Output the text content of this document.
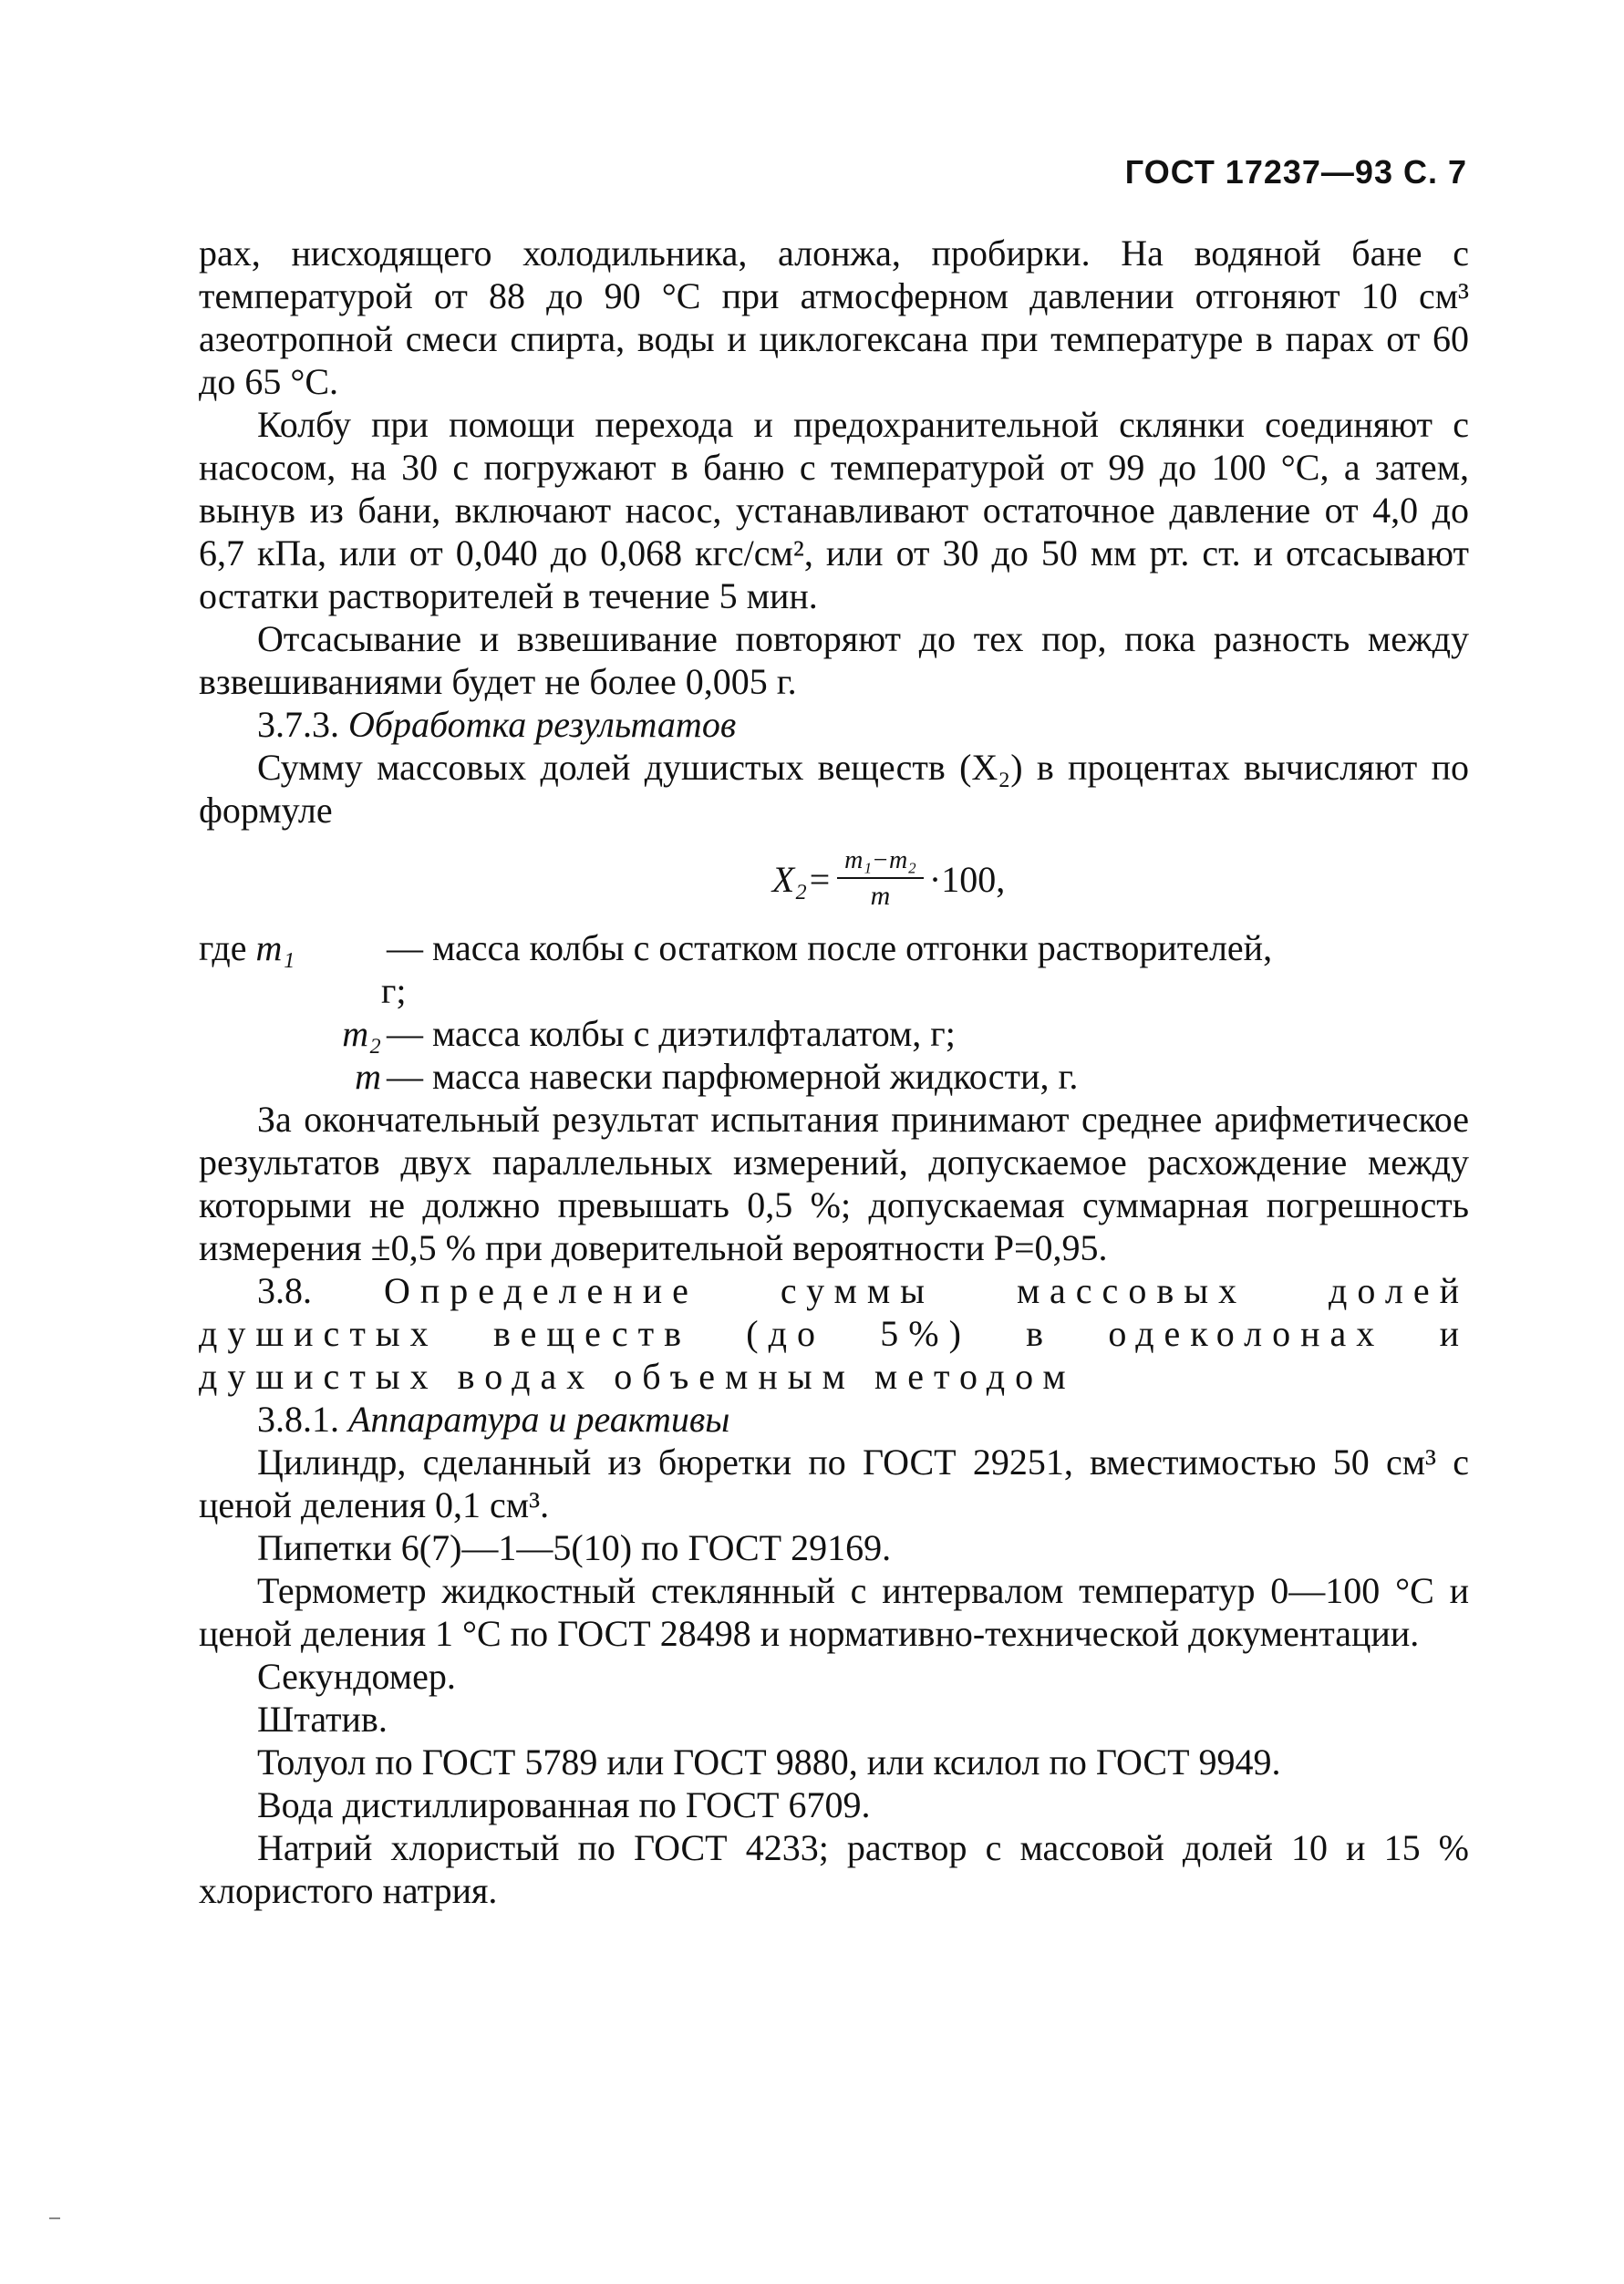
ГОСТ 17237—93 С. 7

рах, нисходящего холодильника, алонжа, пробирки. На водяной бане с температурой от 88 до 90 °С при атмосферном давлении отгоняют 10 см³ азеотропной смеси спирта, воды и циклогексана при температуре в парах от 60 до 65 °С.

Колбу при помощи перехода и предохранительной склянки соединяют с насосом, на 30 с погружают в баню с температурой от 99 до 100 °С, а затем, вынув из бани, включают насос, устанавливают остаточное давление от 4,0 до 6,7 кПа, или от 0,040 до 0,068 кгс/см², или от 30 до 50 мм рт. ст. и отсасывают остатки растворителей в течение 5 мин.

Отсасывание и взвешивание повторяют до тех пор, пока разность между взвешиваниями будет не более 0,005 г.

3.7.3. Обработка результатов

Сумму массовых долей душистых веществ (X₂) в процентах вычисляют по формуле

$X_2= \frac{\text{m₁−m₂}}{m} \cdot 100$,
где m₁	— масса колбы с остатком после отгонки растворителей,
г;
m₂ — масса колбы с диэтилфталатом, г;
m — масса навески парфюмерной жидкости, г.

За окончательный результат испытания принимают среднее арифметическое результатов двух параллельных измерений, допускаемое расхождение между которыми не должно превышать 0,5 %; допускаемая суммарная погрешность измерения ±0,5 % при доверительной вероятности P=0,95.

3.8. Определение суммы массовых долей душистых веществ (до 5%) в одеколонах и душистых водах объемным методом

3.8.1. Аппаратура и реактивы

Цилиндр, сделанный из бюретки по ГОСТ 29251, вместимостью 50 см³ с ценой деления 0,1 см³.

Пипетки 6(7)—1—5(10) по ГОСТ 29169.

Термометр жидкостный стеклянный с интервалом температур 0—100 °С и ценой деления 1 °С по ГОСТ 28498 и нормативно-технической документации.

Секундомер.

Штатив.

Толуол по ГОСТ 5789 или ГОСТ 9880, или ксилол по ГОСТ 9949.

Вода дистиллированная по ГОСТ 6709.

Натрий хлористый по ГОСТ 4233; раствор с массовой долей 10 и 15 % хлористого натрия.
